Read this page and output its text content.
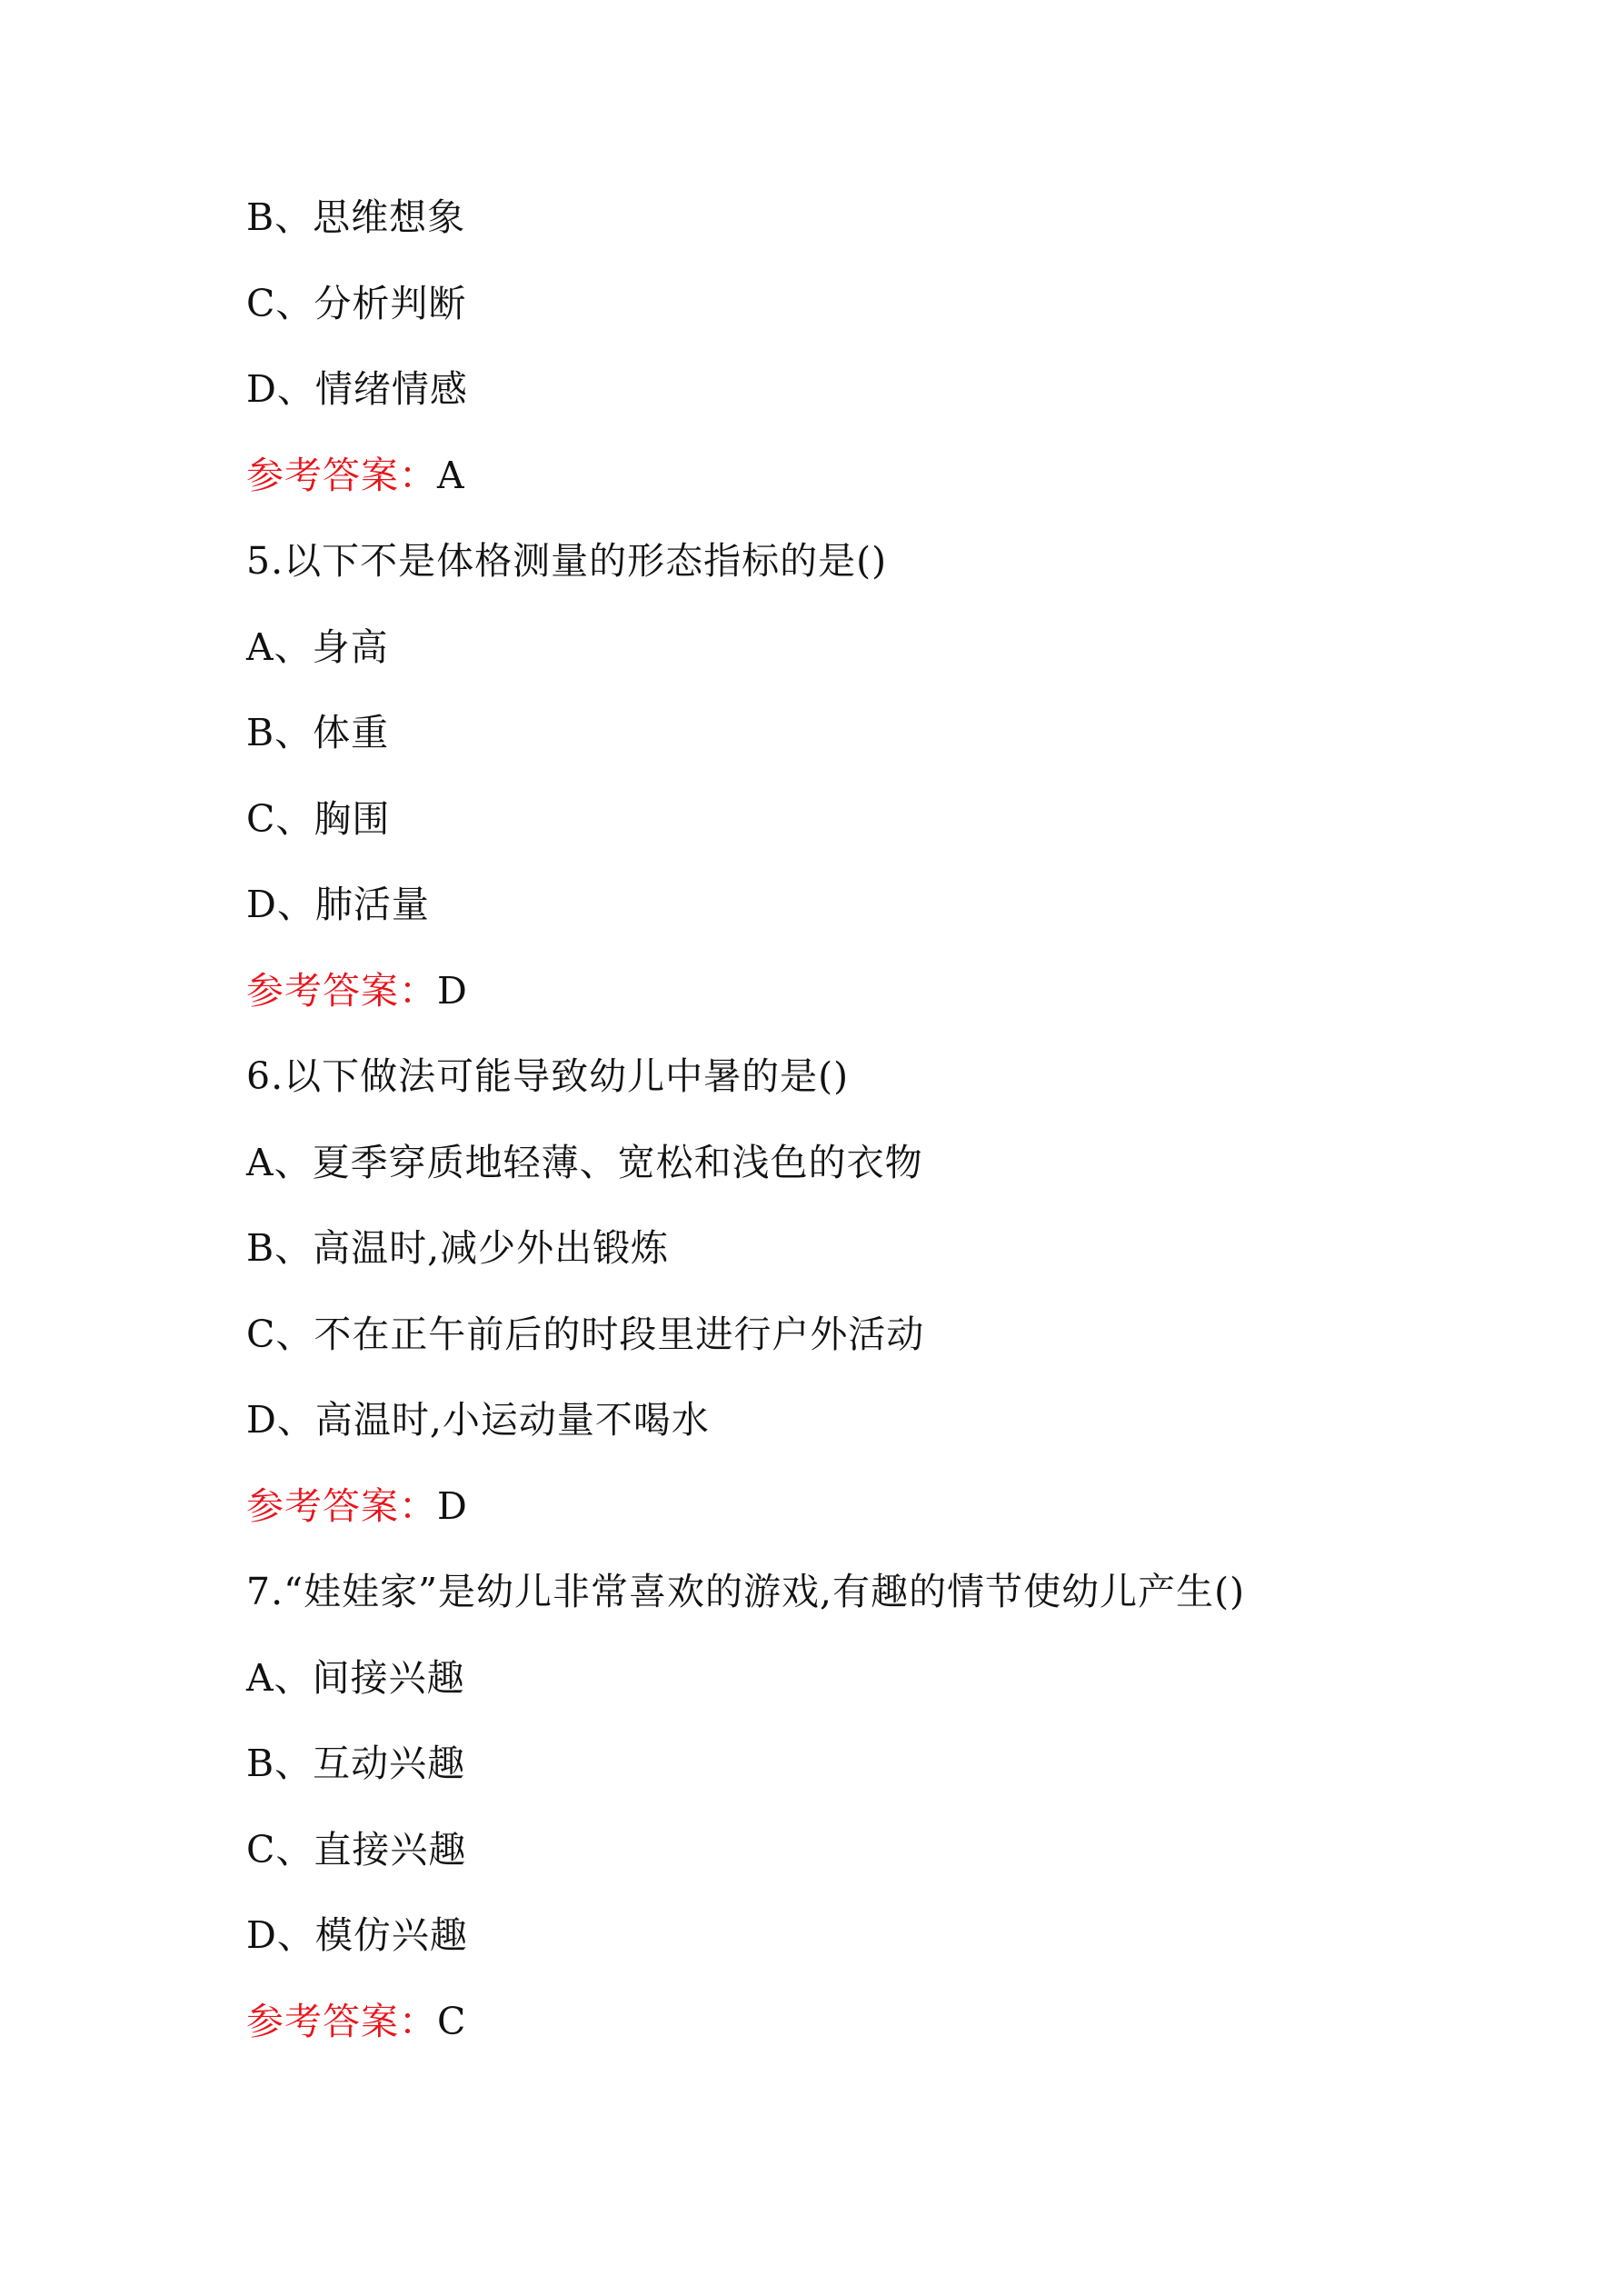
B、思维想象
C、分析判断
D、情绪情感
参考答案：A
5.以下不是体格测量的形态指标的是()
A、身高
B、体重
C、胸围
D、肺活量
参考答案：D
6.以下做法可能导致幼儿中暑的是()
A、夏季穿质地轻薄、宽松和浅色的衣物
B、高温时,减少外出锻炼
C、不在正午前后的时段里进行户外活动
D、高温时,小运动量不喝水
参考答案：D
7.“娃娃家”是幼儿非常喜欢的游戏,有趣的情节使幼儿产生()
A、间接兴趣
B、互动兴趣
C、直接兴趣
D、模仿兴趣
参考答案：C
